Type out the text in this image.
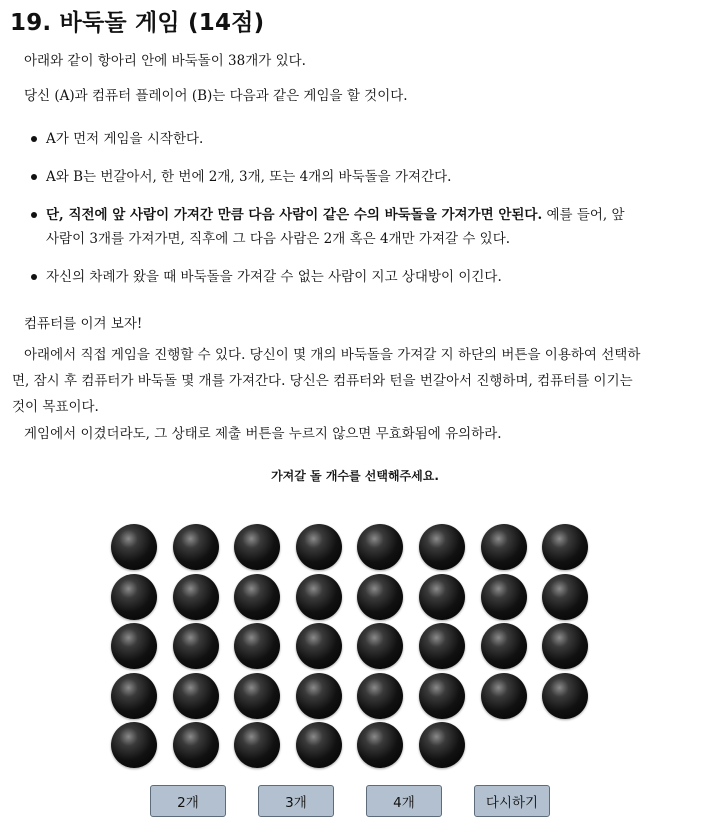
19. 바둑돌 게임 (14점)
아래와 같이 항아리 안에 바둑돌이 38개가 있다.
당신 (A)과 컴퓨터 플레이어 (B)는 다음과 같은 게임을 할 것이다.
A가 먼저 게임을 시작한다.
A와 B는 번갈아서, 한 번에 2개, 3개, 또는 4개의 바둑돌을 가져간다.
단, 직전에 앞 사람이 가져간 만큼 다음 사람이 같은 수의 바둑돌을 가져가면 안된다. 예를 들어, 앞
사람이 3개를 가져가면, 직후에 그 다음 사람은 2개 혹은 4개만 가져갈 수 있다.
자신의 차례가 왔을 때 바둑돌을 가져갈 수 없는 사람이 지고 상대방이 이긴다.
컴퓨터를 이겨 보자!
아래에서 직접 게임을 진행할 수 있다. 당신이 몇 개의 바둑돌을 가져갈 지 하단의 버튼을 이용하여 선택하
면, 잠시 후 컴퓨터가 바둑돌 몇 개를 가져간다. 당신은 컴퓨터와 턴을 번갈아서 진행하며, 컴퓨터를 이기는
것이 목표이다.
게임에서 이겼더라도, 그 상태로 제출 버튼을 누르지 않으면 무효화됨에 유의하라.
가져갈 돌 개수를 선택해주세요.
2개	3개	4개	다시하기
